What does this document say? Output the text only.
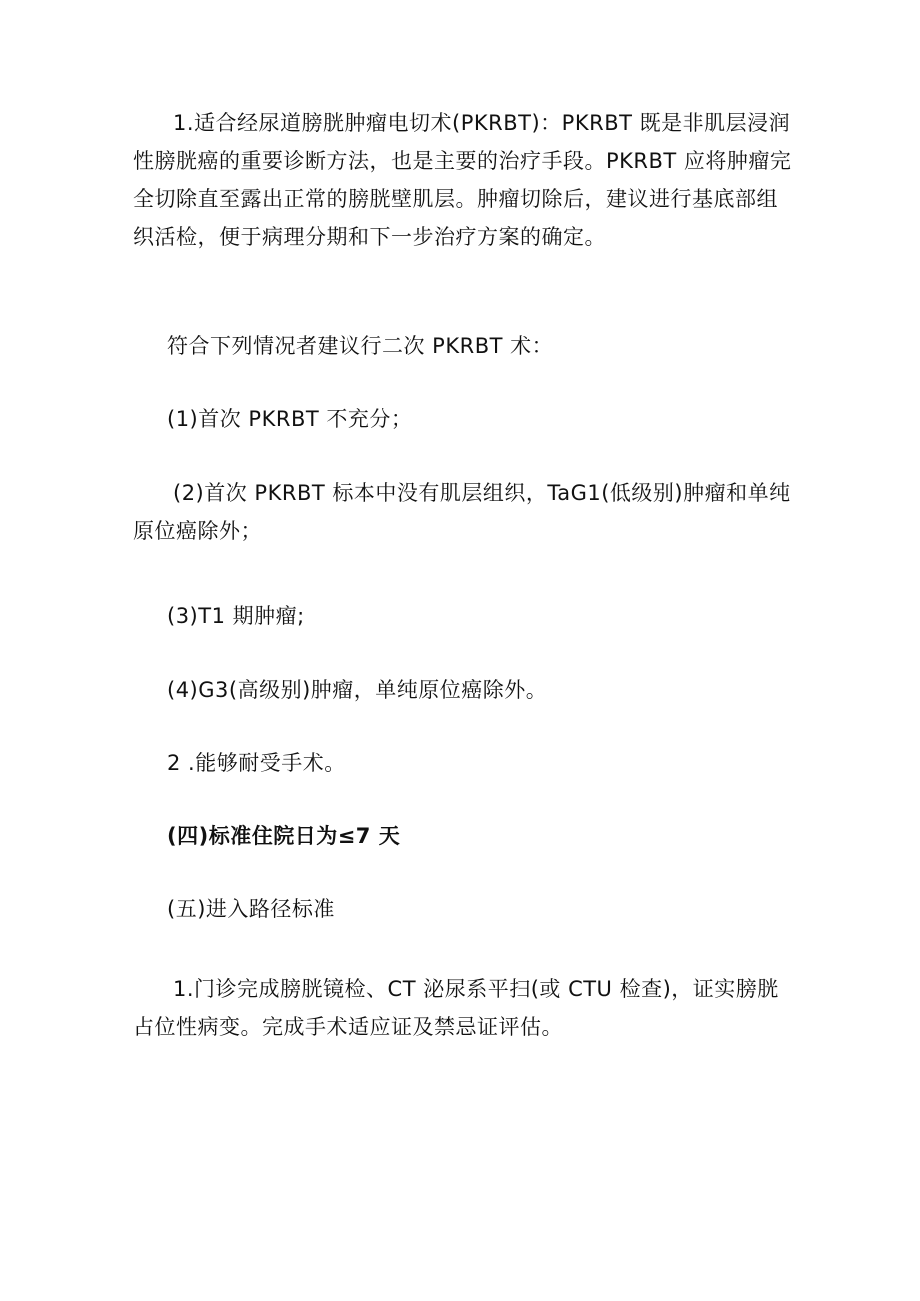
1.适合经尿道膀胱肿瘤电切术(PKRBT)：PKRBT 既是非肌层浸润性膀胱癌的重要诊断方法，也是主要的治疗手段。PKRBT 应将肿瘤完全切除直至露出正常的膀胱壁肌层。肿瘤切除后，建议进行基底部组织活检，便于病理分期和下一步治疗方案的确定。

符合下列情况者建议行二次 PKRBT 术：

(1)首次 PKRBT 不充分；

(2)首次 PKRBT 标本中没有肌层组织，TaG1(低级别)肿瘤和单纯原位癌除外；

(3)T1 期肿瘤;

(4)G3(高级别)肿瘤，单纯原位癌除外。

2 .能够耐受手术。

(四)标准住院日为≤7 天

(五)进入路径标准

1.门诊完成膀胱镜检、CT 泌尿系平扫(或 CTU 检查)，证实膀胱占位性病变。完成手术适应证及禁忌证评估。
